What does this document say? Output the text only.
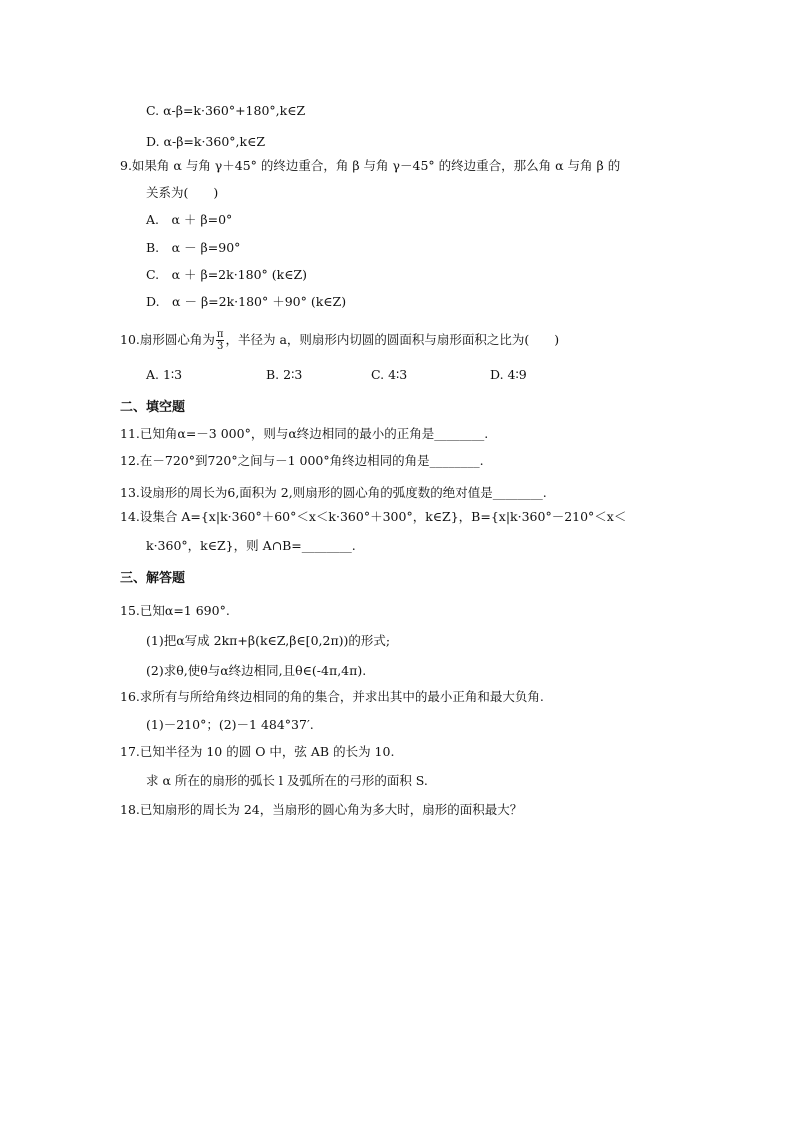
C. α-β=k·360°+180°,k∈Z
D. α-β=k·360°,k∈Z
9.如果角 α 与角 γ＋45° 的终边重合，角 β 与角 γ－45° 的终边重合，那么角 α 与角 β 的
关系为(　　)
A.　α ＋ β=0°
B.　α － β=90°
C.　α ＋ β=2k·180° (k∈Z)
D.　α － β=2k·180° ＋90° (k∈Z)
10.扇形圆心角为 $\frac{\pi}{3}$ ，半径为 a，则扇形内切圆的圆面积与扇形面积之比为(　　)
A. 1∶3	B. 2∶3	C. 4∶3	D. 4∶9
二、填空题
11.已知角α=－3 000°，则与α终边相同的最小的正角是________.
12.在－720°到720°之间与－1 000°角终边相同的角是________.
13.设扇形的周长为6,面积为 2,则扇形的圆心角的弧度数的绝对值是________.
14.设集合 A={x|k·360°＋60°＜x＜k·360°＋300°，k∈Z}，B={x|k·360°－210°＜x＜
k·360°，k∈Z}，则 A∩B=________.
三、解答题
15.已知α=1 690°.
(1)把α写成 2kπ+β(k∈Z,β∈[0,2π))的形式;
(2)求θ,使θ与α终边相同,且θ∈(-4π,4π).
16.求所有与所给角终边相同的角的集合，并求出其中的最小正角和最大负角.
(1)－210°；(2)－1 484°37′.
17.已知半径为 10 的圆 O 中，弦 AB 的长为 10.
求 α 所在的扇形的弧长 l 及弧所在的弓形的面积 S.
18.已知扇形的周长为 24，当扇形的圆心角为多大时，扇形的面积最大？
